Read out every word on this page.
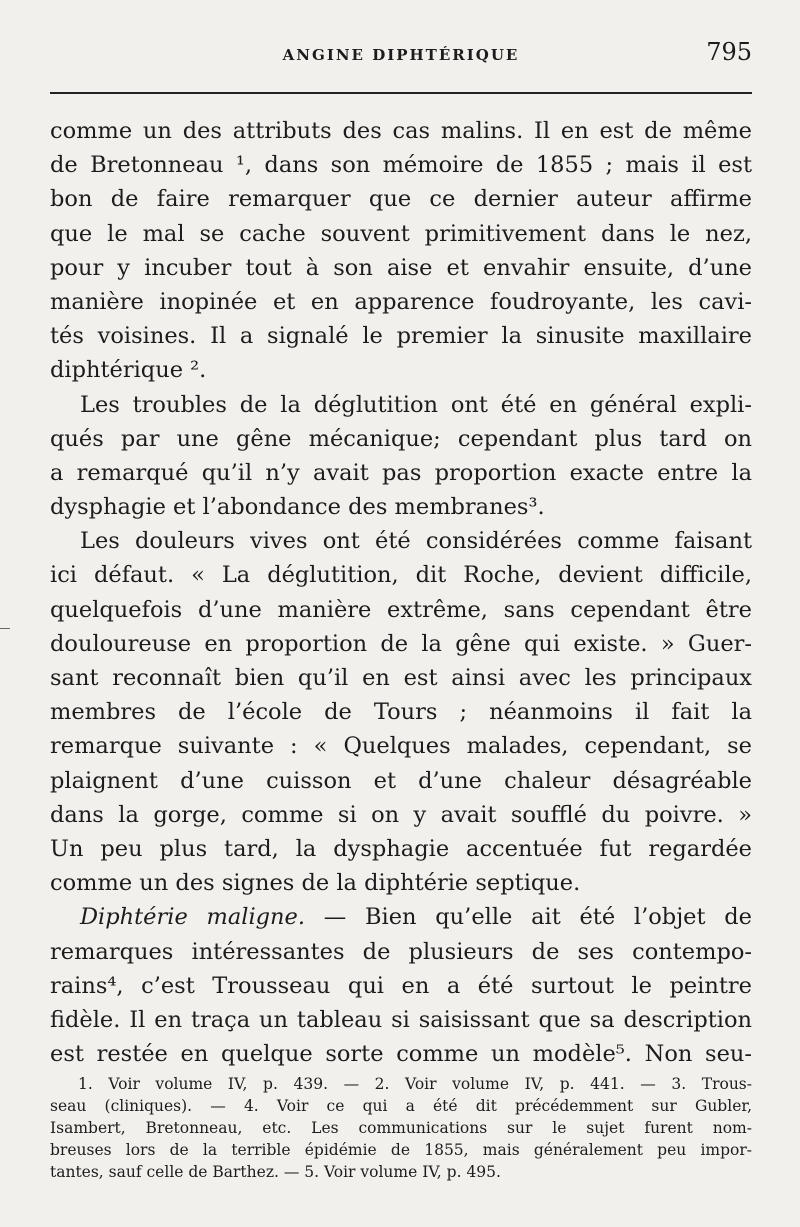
ANGINE DIPHTÉRIQUE	795
comme un des attributs des cas malins. Il en est de même
de Bretonneau ¹, dans son mémoire de 1855 ; mais il est
bon de faire remarquer que ce dernier auteur affirme
que le mal se cache souvent primitivement dans le nez,
pour y incuber tout à son aise et envahir ensuite, d’une
manière inopinée et en apparence foudroyante, les cavi-
tés voisines. Il a signalé le premier la sinusite maxillaire
diphtérique ².
Les troubles de la déglutition ont été en général expli-
qués par une gêne mécanique; cependant plus tard on
a remarqué qu’il n’y avait pas proportion exacte entre la
dysphagie et l’abondance des membranes³.
Les douleurs vives ont été considérées comme faisant
ici défaut. « La déglutition, dit Roche, devient difficile,
quelquefois d’une manière extrême, sans cependant être
douloureuse en proportion de la gêne qui existe. » Guer-
sant reconnaît bien qu’il en est ainsi avec les principaux
membres de l’école de Tours ; néanmoins il fait la
remarque suivante : « Quelques malades, cependant, se
plaignent d’une cuisson et d’une chaleur désagréable
dans la gorge, comme si on y avait soufflé du poivre. »
Un peu plus tard, la dysphagie accentuée fut regardée
comme un des signes de la diphtérie septique.
Diphtérie maligne. — Bien qu’elle ait été l’objet de
remarques intéressantes de plusieurs de ses contempo-
rains⁴, c’est Trousseau qui en a été surtout le peintre
fidèle. Il en traça un tableau si saisissant que sa description
est restée en quelque sorte comme un modèle⁵. Non seu-
1. Voir volume IV, p. 439. — 2. Voir volume IV, p. 441. — 3. Trous-
seau (cliniques). — 4. Voir ce qui a été dit précédemment sur Gubler,
Isambert, Bretonneau, etc. Les communications sur le sujet furent nom-
breuses lors de la terrible épidémie de 1855, mais généralement peu impor-
tantes, sauf celle de Barthez. — 5. Voir volume IV, p. 495.
